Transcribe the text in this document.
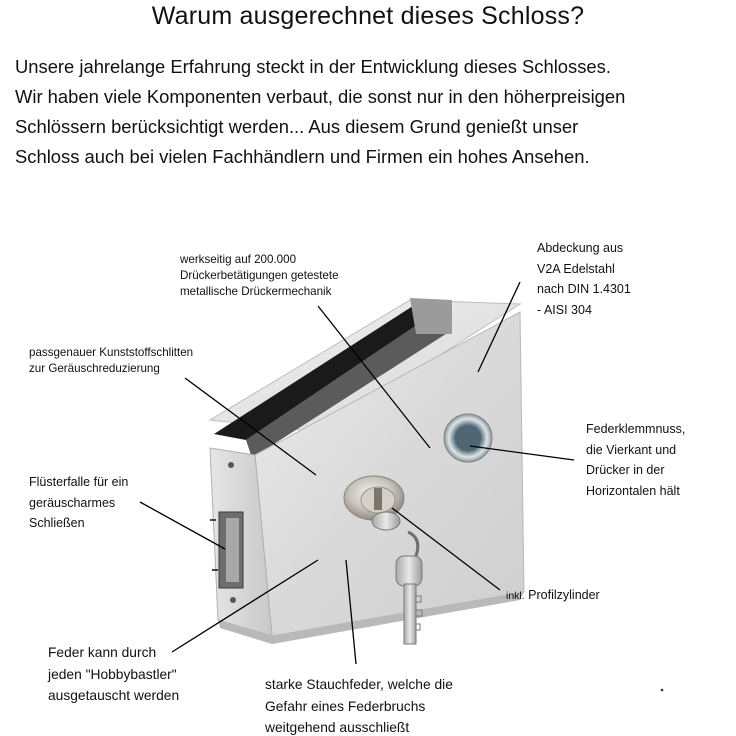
Warum ausgerechnet dieses Schloss?
Unsere jahrelange Erfahrung steckt in der Entwicklung dieses Schlosses.
Wir haben viele Komponenten verbaut, die sonst nur in den höherpreisigen
Schlössern berücksichtigt werden... Aus diesem Grund genießt unser
Schloss auch bei vielen Fachhändlern und Firmen ein hohes Ansehen.
werkseitig auf 200.000
Drückerbetätigungen getestete
metallische Drückermechanik
Abdeckung aus
V2A Edelstahl
nach DIN 1.4301
- AISI 304
passgenauer Kunststoffschlitten
zur Geräuschreduzierung
Federklemmnuss,
die Vierkant und
Drücker in der
Horizontalen hält
Flüsterfalle für ein
geräuscharmes
Schließen
inkl. Profilzylinder
Feder kann durch
jeden "Hobbybastler"
ausgetauscht werden
starke Stauchfeder, welche die
Gefahr eines Federbruchs
weitgehend ausschließt
